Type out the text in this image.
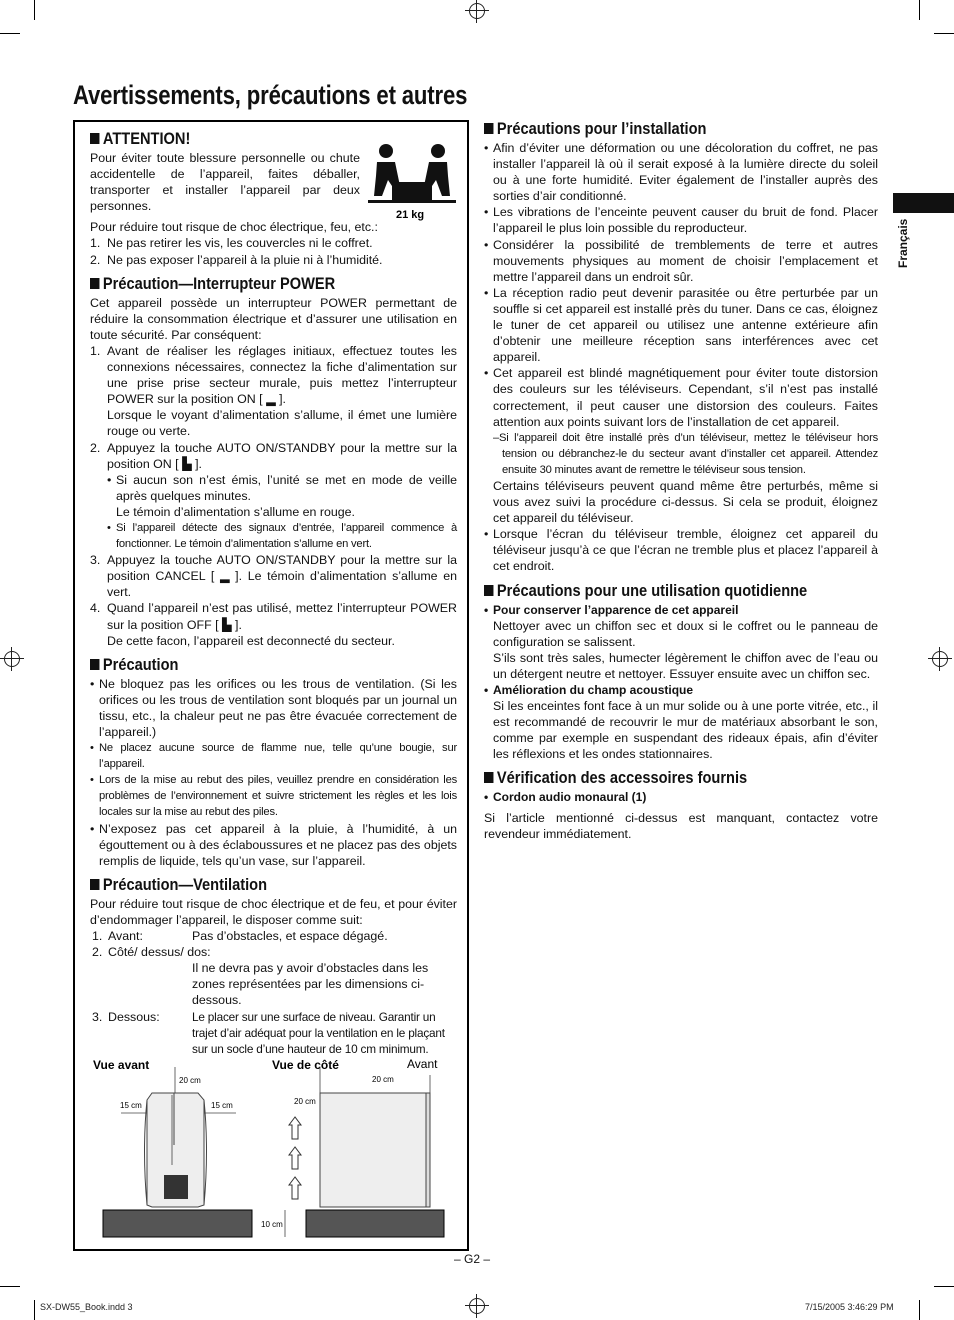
Avertissements, précautions et autres
Français
ATTENTION!
Pour éviter toute blessure personnelle ou chute accidentelle de l’appareil, faites déballer, transporter et installer l’appareil par deux personnes.
21 kg
Pour réduire tout risque de choc électrique, feu, etc.:
1. Ne pas retirer les vis, les couvercles ni le coffret.
2. Ne pas exposer l’appareil à la pluie ni à l’humidité.
Précaution—Interrupteur POWER
Cet appareil possède un interrupteur POWER permettant de réduire la consommation électrique et d’assurer une utilisation en toute sécurité. Par conséquent:
1. Avant de réaliser les réglages initiaux, effectuez toutes les connexions nécessaires, connectez la fiche d’alimentation sur une prise prise secteur murale, puis mettez l’interrupteur POWER sur la position ON [ ▂ ].
Lorsque le voyant d’alimentation s’allume, il émet une lumière rouge ou verte.
2. Appuyez la touche AUTO ON/STANDBY pour la mettre sur la position ON [ ▙ ].
• Si aucun son n’est émis, l’unité se met en mode de veille après quelques minutes.
Le témoin d’alimentation s’allume en rouge.
• Si l’appareil détecte des signaux d’entrée, l’appareil commence à fonctionner. Le témoin d’alimentation s’allume en vert.
3. Appuyez la touche AUTO ON/STANDBY pour la mettre sur la position CANCEL [ ▂ ]. Le témoin d’alimentation s’allume en vert.
4. Quand l’appareil n’est pas utilisé, mettez l’interrupteur POWER sur la position OFF [ ▙ ].
De cette facon, l’appareil est deconnecté du secteur.
Précaution
• Ne bloquez pas les orifices ou les trous de ventilation. (Si les orifices ou les trous de ventilation sont bloqués par un journal un tissu, etc., la chaleur peut ne pas être évacuée correctement de l’appareil.)
• Ne placez aucune source de flamme nue, telle qu’une bougie, sur l’appareil.
• Lors de la mise au rebut des piles, veuillez prendre en considération les problèmes de l’environnement et suivre strictement les règles et les lois locales sur la mise au rebut des piles.
• N’exposez pas cet appareil à la pluie, à l’humidité, à un égouttement ou à des éclaboussures et ne placez pas des objets remplis de liquide, tels qu’un vase, sur l’appareil.
Précaution—Ventilation
Pour réduire tout risque de choc électrique et de feu, et pour éviter d’endommager l’appareil, le disposer comme suit:
1. Avant:	Pas d’obstacles, et espace dégagé.
2. Côté/ dessus/ dos:
Il ne devra pas y avoir d’obstacles dans les zones représentées par les dimensions ci-dessous.
3. Dessous:	Le placer sur une surface de niveau. Garantir un trajet d’air adéquat pour la ventilation en le plaçant sur un socle d’une hauteur de 10 cm minimum.
Vue avant	Vue de côté	Avant
20 cm
15 cm	15 cm
20 cm
20 cm
10 cm
Précautions pour l’installation
• Afin d’éviter une déformation ou une décoloration du coffret, ne pas installer l’appareil là où il serait exposé à la lumière directe du soleil ou à une forte humidité. Eviter également de l’installer auprès des sorties d’air conditionné.
• Les vibrations de l’enceinte peuvent causer du bruit de fond. Placer l’appareil le plus loin possible du reproducteur.
• Considérer la possibilité de tremblements de terre et autres mouvements physiques au moment de choisir l’emplacement et mettre l’appareil dans un endroit sûr.
• La réception radio peut devenir parasitée ou être perturbée par un souffle si cet appareil est installé près du tuner. Dans ce cas, éloignez le tuner de cet appareil ou utilisez une antenne extérieure afin d’obtenir une meilleure réception sans interférences avec cet appareil.
• Cet appareil est blindé magnétiquement pour éviter toute distorsion des couleurs sur les téléviseurs. Cependant, s’il n’est pas installé correctement, il peut causer une distorsion des couleurs. Faites attention aux points suivant lors de l’installation de cet appareil.
–Si l’appareil doit être installé près d’un téléviseur, mettez le téléviseur hors tension ou débranchez-le du secteur avant d’installer cet appareil. Attendez ensuite 30 minutes avant de remettre le téléviseur sous tension.
Certains téléviseurs peuvent quand même être perturbés, même si vous avez suivi la procédure ci-dessus. Si cela se produit, éloignez cet appareil du téléviseur.
• Lorsque l’écran du téléviseur tremble, éloignez cet appareil du téléviseur jusqu’à ce que l’écran ne tremble plus et placez l’appareil à cet endroit.
Précautions pour une utilisation quotidienne
• Pour conserver l’apparence de cet appareil
Nettoyer avec un chiffon sec et doux si le coffret ou le panneau de configuration se salissent.
S’ils sont très sales, humecter légèrement le chiffon avec de l’eau ou un détergent neutre et nettoyer. Essuyer ensuite avec un chiffon sec.
• Amélioration du champ acoustique
Si les enceintes font face à un mur solide ou à une porte vitrée, etc., il est recommandé de recouvrir le mur de matériaux absorbant le son, comme par exemple en suspendant des rideaux épais, afin d’éviter les réflexions et les ondes stationnaires.
Vérification des accessoires fournis
• Cordon audio monaural (1)
Si l’article mentionné ci-dessus est manquant, contactez votre revendeur immédiatement.
– G2 –
SX-DW55_Book.indd 3	7/15/2005 3:46:29 PM
